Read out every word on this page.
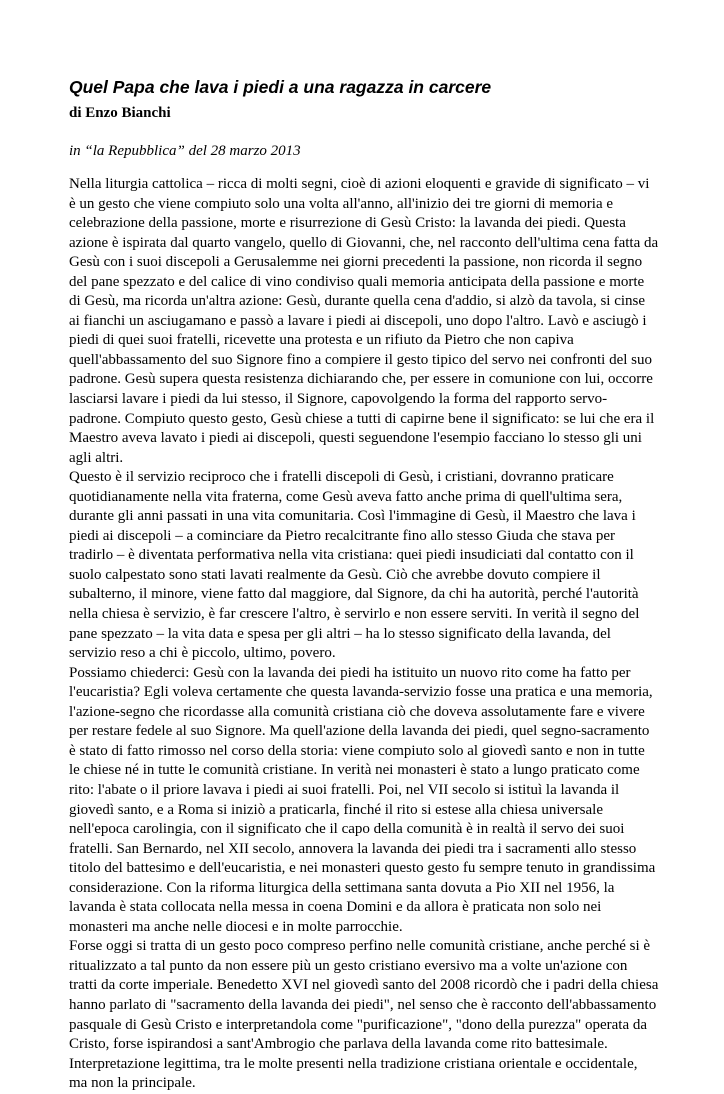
Quel Papa che lava i piedi a una ragazza in carcere
di Enzo Bianchi
in “la Repubblica” del 28 marzo 2013

Nella liturgia cattolica – ricca di molti segni, cioè di azioni eloquenti e gravide di significato – vi è un gesto che viene compiuto solo una volta all'anno, all'inizio dei tre giorni di memoria e celebrazione della passione, morte e risurrezione di Gesù Cristo: la lavanda dei piedi. Questa azione è ispirata dal quarto vangelo, quello di Giovanni, che, nel racconto dell'ultima cena fatta da Gesù con i suoi discepoli a Gerusalemme nei giorni precedenti la passione, non ricorda il segno del pane spezzato e del calice di vino condiviso quali memoria anticipata della passione e morte di Gesù, ma ricorda un'altra azione: Gesù, durante quella cena d'addio, si alzò da tavola, si cinse ai fianchi un asciugamano e passò a lavare i piedi ai discepoli, uno dopo l'altro. Lavò e asciugò i piedi di quei suoi fratelli, ricevette una protesta e un rifiuto da Pietro che non capiva quell'abbassamento del suo Signore fino a compiere il gesto tipico del servo nei confronti del suo padrone. Gesù supera questa resistenza dichiarando che, per essere in comunione con lui, occorre lasciarsi lavare i piedi da lui stesso, il Signore, capovolgendo la forma del rapporto servo-padrone. Compiuto questo gesto, Gesù chiese a tutti di capirne bene il significato: se lui che era il Maestro aveva lavato i piedi ai discepoli, questi seguendone l'esempio facciano lo stesso gli uni agli altri.

Questo è il servizio reciproco che i fratelli discepoli di Gesù, i cristiani, dovranno praticare quotidianamente nella vita fraterna, come Gesù aveva fatto anche prima di quell'ultima sera, durante gli anni passati in una vita comunitaria. Così l'immagine di Gesù, il Maestro che lava i piedi ai discepoli – a cominciare da Pietro recalcitrante fino allo stesso Giuda che stava per tradirlo – è diventata performativa nella vita cristiana: quei piedi insudiciati dal contatto con il suolo calpestato sono stati lavati realmente da Gesù. Ciò che avrebbe dovuto compiere il subalterno, il minore, viene fatto dal maggiore, dal Signore, da chi ha autorità, perché l'autorità nella chiesa è servizio, è far crescere l'altro, è servirlo e non essere serviti. In verità il segno del pane spezzato – la vita data e spesa per gli altri – ha lo stesso significato della lavanda, del servizio reso a chi è piccolo, ultimo, povero.

Possiamo chiederci: Gesù con la lavanda dei piedi ha istituito un nuovo rito come ha fatto per l'eucaristia? Egli voleva certamente che questa lavanda-servizio fosse una pratica e una memoria, l'azione-segno che ricordasse alla comunità cristiana ciò che doveva assolutamente fare e vivere per restare fedele al suo Signore. Ma quell'azione della lavanda dei piedi, quel segno-sacramento è stato di fatto rimosso nel corso della storia: viene compiuto solo al giovedì santo e non in tutte le chiese né in tutte le comunità cristiane. In verità nei monasteri è stato a lungo praticato come rito: l'abate o il priore lavava i piedi ai suoi fratelli. Poi, nel VII secolo si istituì la lavanda il giovedì santo, e a Roma si iniziò a praticarla, finché il rito si estese alla chiesa universale nell'epoca carolingia, con il significato che il capo della comunità è in realtà il servo dei suoi fratelli. San Bernardo, nel XII secolo, annovera la lavanda dei piedi tra i sacramenti allo stesso titolo del battesimo e dell'eucaristia, e nei monasteri questo gesto fu sempre tenuto in grandissima considerazione. Con la riforma liturgica della settimana santa dovuta a Pio XII nel 1956, la lavanda è stata collocata nella messa in coena Domini e da allora è praticata non solo nei monasteri ma anche nelle diocesi e in molte parrocchie.

Forse oggi si tratta di un gesto poco compreso perfino nelle comunità cristiane, anche perché si è ritualizzato a tal punto da non essere più un gesto cristiano eversivo ma a volte un'azione con tratti da corte imperiale. Benedetto XVI nel giovedì santo del 2008 ricordò che i padri della chiesa hanno parlato di "sacramento della lavanda dei piedi", nel senso che è racconto dell'abbassamento pasquale di Gesù Cristo e interpretandola come "purificazione", "dono della purezza" operata da Cristo, forse ispirandosi a sant'Ambrogio che parlava della lavanda come rito battesimale. Interpretazione legittima, tra le molte presenti nella tradizione cristiana orientale e occidentale, ma non la principale.
